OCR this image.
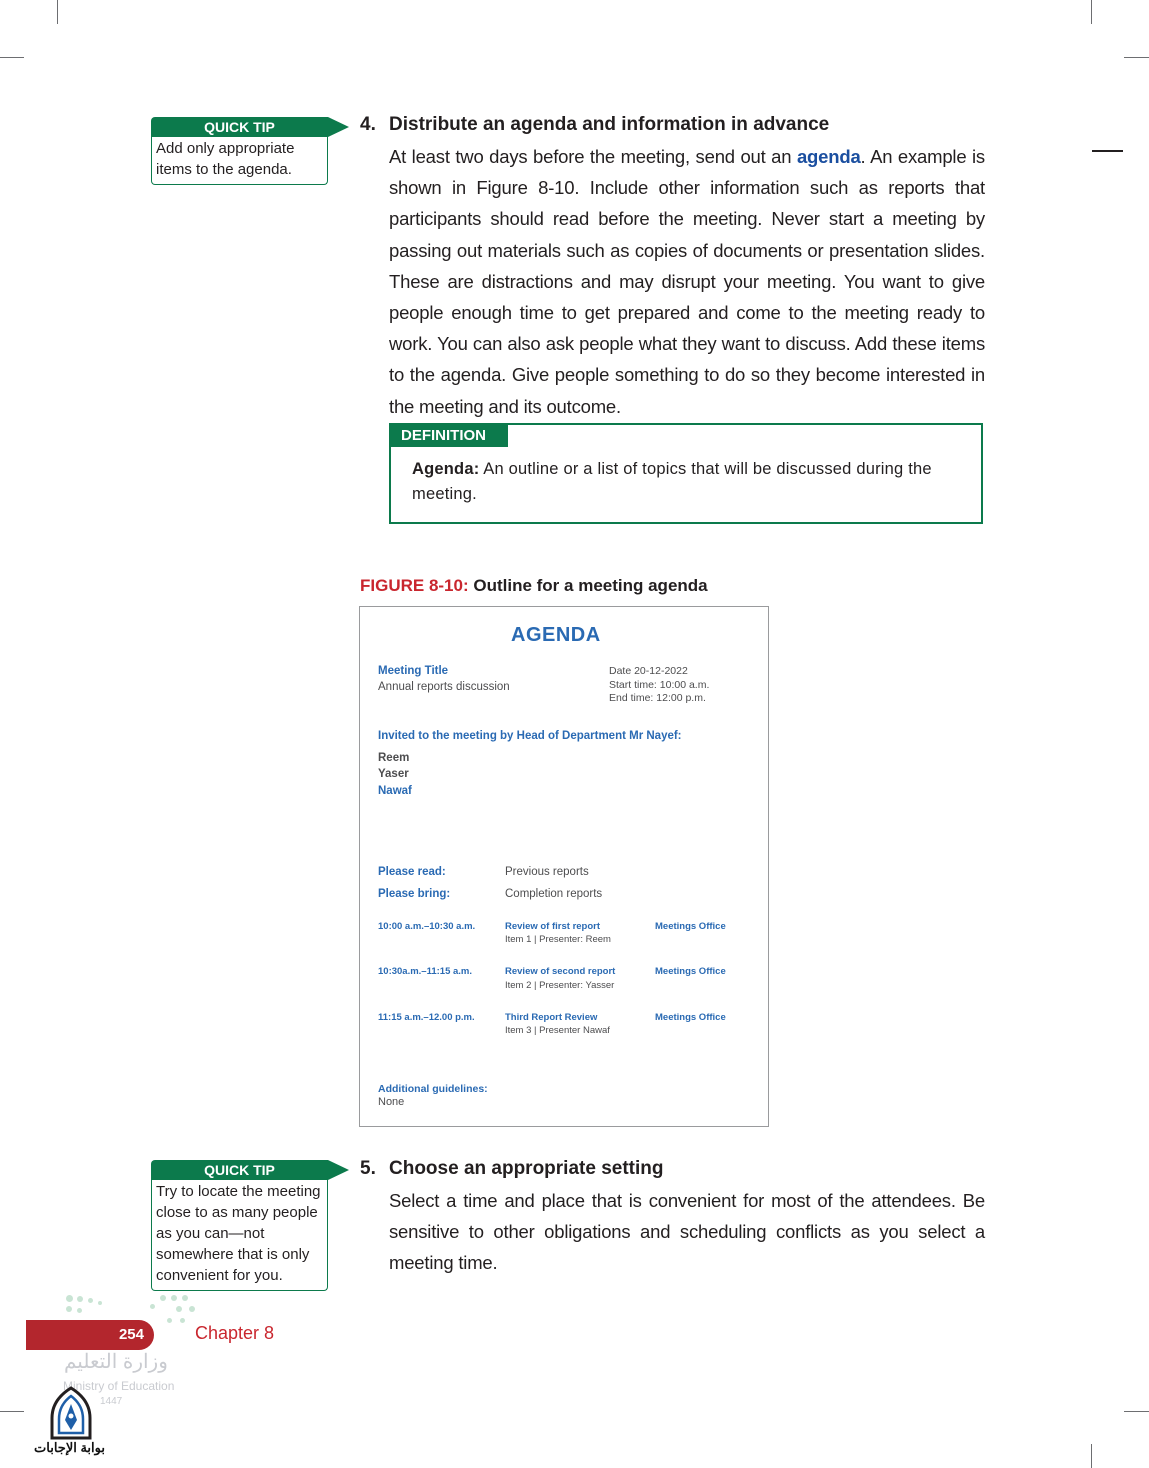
QUICK TIP
Add only appropriate items to the agenda.
4. Distribute an agenda and information in advance
At least two days before the meeting, send out an agenda. An example is shown in Figure 8-10. Include other information such as reports that participants should read before the meeting. Never start a meeting by passing out materials such as copies of documents or presentation slides. These are distractions and may disrupt your meeting. You want to give people enough time to get prepared and come to the meeting ready to work. You can also ask people what they want to discuss. Add these items to the agenda. Give people something to do so they become interested in the meeting and its outcome.
DEFINITION
Agenda: An outline or a list of topics that will be discussed during the meeting.
FIGURE 8-10: Outline for a meeting agenda
AGENDA
Meeting Title
Annual reports discussion
Date 20-12-2022
Start time: 10:00 a.m.
End time: 12:00 p.m.
Invited to the meeting by Head of Department Mr Nayef:
Reem
Yaser
Nawaf
Please read:	Previous reports
Please bring:	Completion reports
10:00 a.m.–10:30 a.m.	Review of first report
Item 1 | Presenter: Reem
Meetings Office
10:30a.m.–11:15 a.m.	Review of second report
Item 2 | Presenter: Yasser
Meetings Office
11:15 a.m.–12.00 p.m.	Third Report Review
Item 3 | Presenter Nawaf
Meetings Office
Additional guidelines:
None
QUICK TIP
Try to locate the meeting close to as many people as you can—not somewhere that is only convenient for you.
5. Choose an appropriate setting
Select a time and place that is convenient for most of the attendees. Be sensitive to other obligations and scheduling conflicts as you select a meeting time.
254	Chapter 8
وزارة التعليم
Ministry of Education
1447
بوابة الإجابات
